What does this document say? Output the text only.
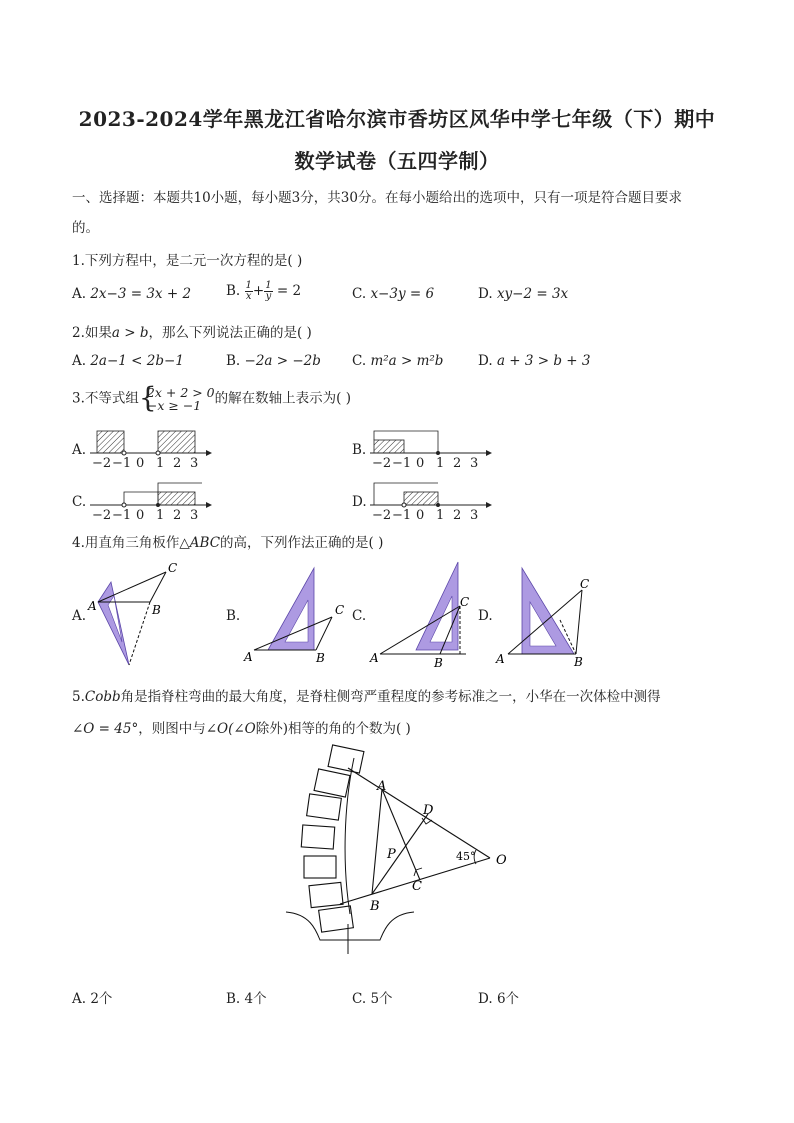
2023-2024学年黑龙江省哈尔滨市香坊区风华中学七年级（下）期中
数学试卷（五四学制）
一、选择题：本题共10小题，每小题3分，共30分。在每小题给出的选项中，只有一项是符合题目要求
的。
1.下列方程中，是二元一次方程的是( )
A. 2x−3 = 3x + 2	B. $\frac{1}{x} + \frac{1}{y} = 2$	C. x−3y = 6	D. xy−2 = 3x
2.如果a > b，那么下列说法正确的是( )
A. 2a−1 < 2b−1	B. −2a > −2b C. m²a > m²b	D. a + 3 > b + 3
3.不等式组 {
2x + 2 > 0
−x ≥ −1 的解在数轴上表示为( )
A.
−2 −1 0 1 2 3
B.
−2 −1 0 1 2 3
C.
−2 −1 0 1 2 3
D.
−2 −1 0 1 2 3
4.用直角三角板作△ABC的高，下列作法正确的是( )
A.
A	B
C
B.
A	B
C C.
A	B
C
D.
A	B
C
5.Cobb角是指脊柱弯曲的最大角度，是脊柱侧弯严重程度的参考标准之一，小华在一次体检中测得
∠O = 45°，则图中与∠O(∠O除外)相等的角的个数为( )
A
D
P
C
B
O
45°
A. 2个	B. 4个	C. 5个	D. 6个
